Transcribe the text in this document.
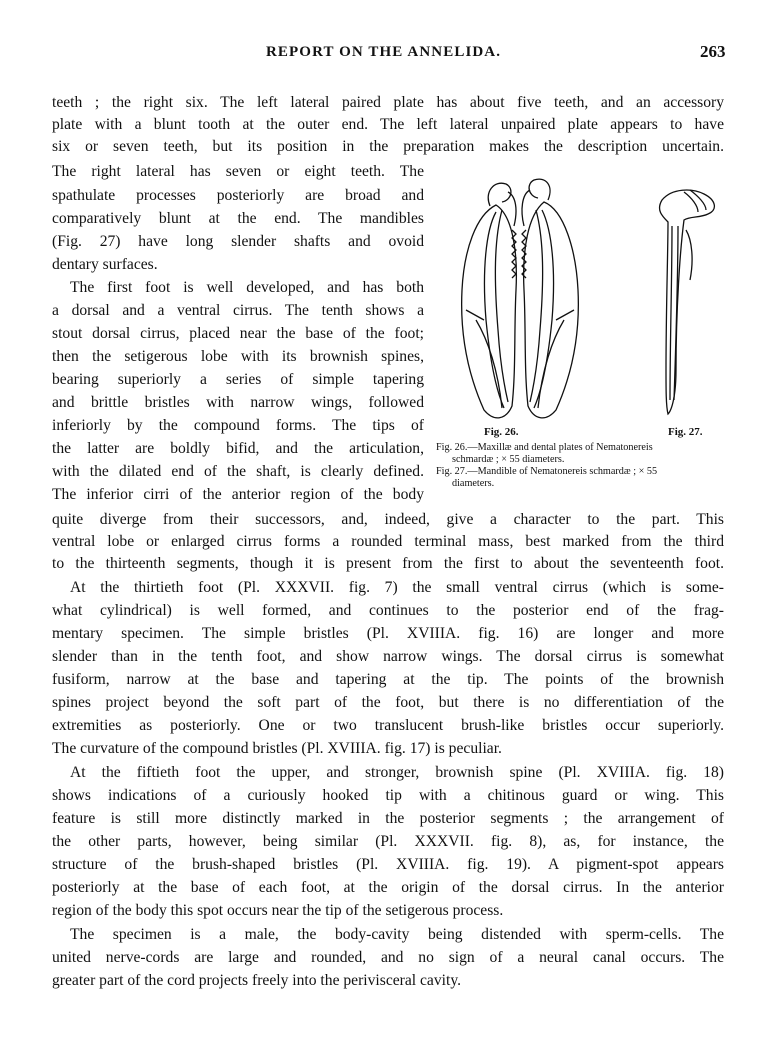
REPORT ON THE ANNELIDA.	263
teeth ; the right six. The left lateral paired plate has about five teeth, and an accessory
plate with a blunt tooth at the outer end. The left lateral unpaired plate appears to have
six or seven teeth, but its position in the preparation makes the description uncertain.
The right lateral has seven or eight teeth. The
spathulate processes posteriorly are broad and
comparatively blunt at the end. The mandibles
(Fig. 27) have long slender shafts and ovoid
dentary surfaces.
The first foot is well developed, and has both
a dorsal and a ventral cirrus. The tenth shows a
stout dorsal cirrus, placed near the base of the foot;
then the setigerous lobe with its brownish spines,
bearing superiorly a series of simple tapering
and brittle bristles with narrow wings, followed
inferiorly by the compound forms. The tips of
the latter are boldly bifid, and the articulation,
with the dilated end of the shaft, is clearly defined.
The inferior cirri of the anterior region of the body
quite diverge from their successors, and, indeed, give a character to the part. This
ventral lobe or enlarged cirrus forms a rounded terminal mass, best marked from the third
to the thirteenth segments, though it is present from the first to about the seventeenth foot.
At the thirtieth foot (Pl. XXXVII. fig. 7) the small ventral cirrus (which is some-
what cylindrical) is well formed, and continues to the posterior end of the frag-
mentary specimen. The simple bristles (Pl. XVIIIA. fig. 16) are longer and more
slender than in the tenth foot, and show narrow wings. The dorsal cirrus is somewhat
fusiform, narrow at the base and tapering at the tip. The points of the brownish
spines project beyond the soft part of the foot, but there is no differentiation of the
extremities as posteriorly. One or two translucent brush-like bristles occur superiorly.
The curvature of the compound bristles (Pl. XVIIIA. fig. 17) is peculiar.
At the fiftieth foot the upper, and stronger, brownish spine (Pl. XVIIIA. fig. 18)
shows indications of a curiously hooked tip with a chitinous guard or wing. This
feature is still more distinctly marked in the posterior segments ; the arrangement of
the other parts, however, being similar (Pl. XXXVII. fig. 8), as, for instance, the
structure of the brush-shaped bristles (Pl. XVIIIA. fig. 19). A pigment-spot appears
posteriorly at the base of each foot, at the origin of the dorsal cirrus. In the anterior
region of the body this spot occurs near the tip of the setigerous process.
The specimen is a male, the body-cavity being distended with sperm-cells. The
united nerve-cords are large and rounded, and no sign of a neural canal occurs. The
greater part of the cord projects freely into the perivisceral cavity.
Fig. 26.	Fig. 27.
Fig. 26.—Maxillæ and dental plates of Nematonereis
schmardæ ; × 55 diameters.
Fig. 27.—Mandible of Nematonereis schmardæ ; × 55
diameters.
